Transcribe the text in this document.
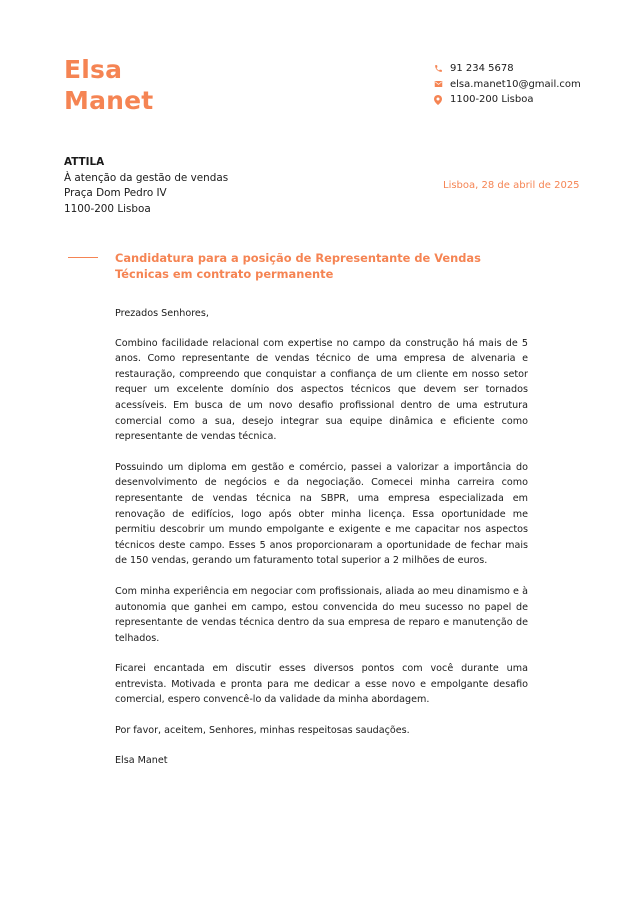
Elsa
Manet
91 234 5678
elsa.manet10@gmail.com
1100-200 Lisboa
ATTILA
À atenção da gestão de vendas
Praça Dom Pedro IV
1100-200 Lisboa
Lisboa, 28 de abril de 2025
Candidatura para a posição de Representante de Vendas Técnicas em contrato permanente

Prezados Senhores,

Combino facilidade relacional com expertise no campo da construção há mais de 5 anos. Como representante de vendas técnico de uma empresa de alvenaria e restauração, compreendo que conquistar a confiança de um cliente em nosso setor requer um excelente domínio dos aspectos técnicos que devem ser tornados acessíveis. Em busca de um novo desafio profissional dentro de uma estrutura comercial como a sua, desejo integrar sua equipe dinâmica e eficiente como representante de vendas técnica.

Possuindo um diploma em gestão e comércio, passei a valorizar a importância do desenvolvimento de negócios e da negociação. Comecei minha carreira como representante de vendas técnica na SBPR, uma empresa especializada em renovação de edifícios, logo após obter minha licença. Essa oportunidade me permitiu descobrir um mundo empolgante e exigente e me capacitar nos aspectos técnicos deste campo. Esses 5 anos proporcionaram a oportunidade de fechar mais de 150 vendas, gerando um faturamento total superior a 2 milhões de euros.

Com minha experiência em negociar com profissionais, aliada ao meu dinamismo e à autonomia que ganhei em campo, estou convencida do meu sucesso no papel de representante de vendas técnica dentro da sua empresa de reparo e manutenção de telhados.

Ficarei encantada em discutir esses diversos pontos com você durante uma entrevista. Motivada e pronta para me dedicar a esse novo e empolgante desafio comercial, espero convencê-lo da validade da minha abordagem.

Por favor, aceitem, Senhores, minhas respeitosas saudações.

Elsa Manet
